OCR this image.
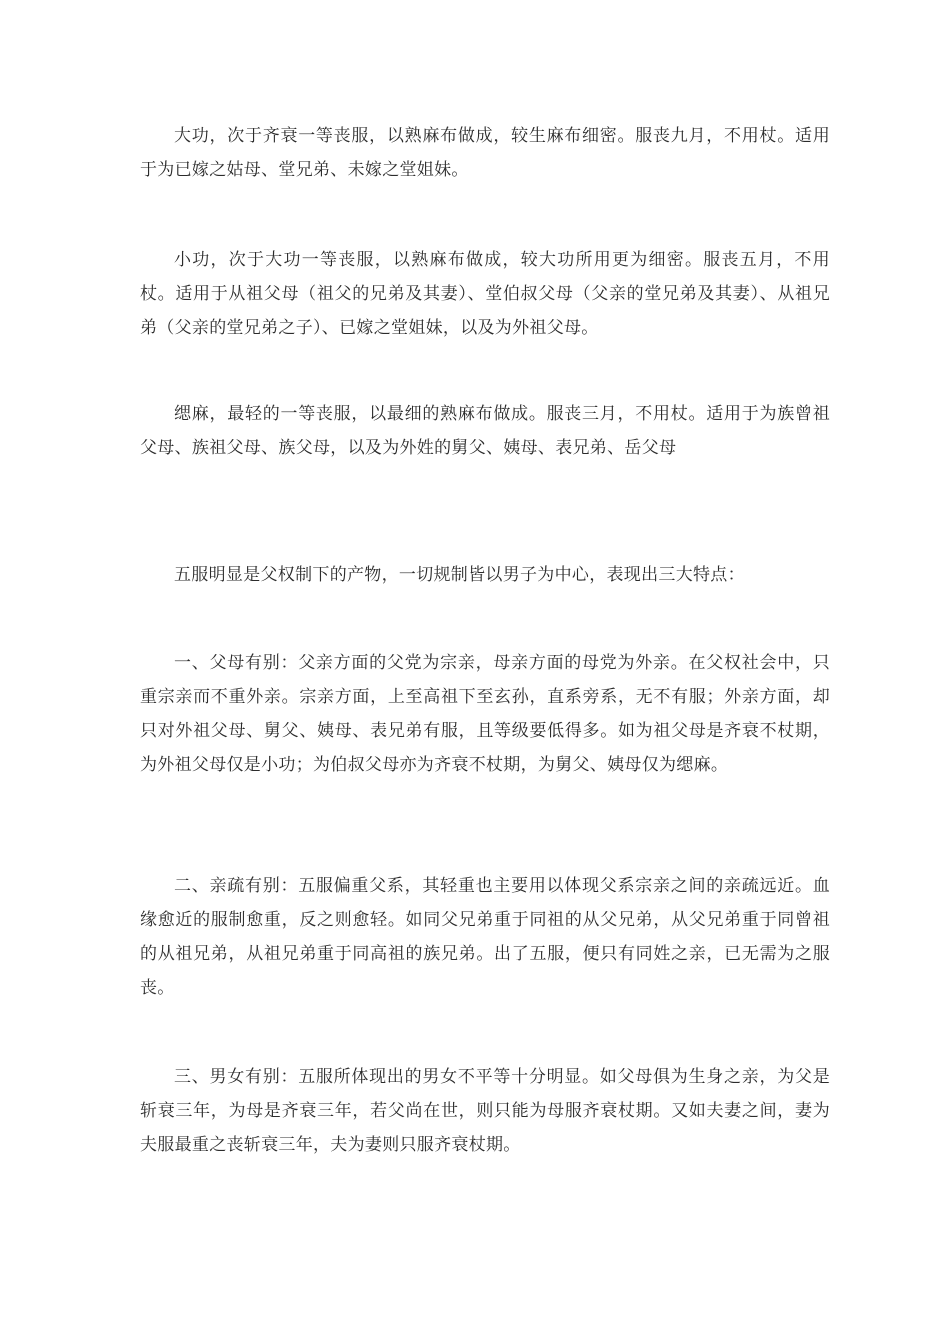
大功，次于齐衰一等丧服，以熟麻布做成，较生麻布细密。服丧九月，不用杖。适用于为已嫁之姑母、堂兄弟、未嫁之堂姐妹。

小功，次于大功一等丧服，以熟麻布做成，较大功所用更为细密。服丧五月，不用杖。适用于从祖父母（祖父的兄弟及其妻）、堂伯叔父母（父亲的堂兄弟及其妻）、从祖兄弟（父亲的堂兄弟之子）、已嫁之堂姐妹，以及为外祖父母。

缌麻，最轻的一等丧服，以最细的熟麻布做成。服丧三月，不用杖。适用于为族曾祖父母、族祖父母、族父母，以及为外姓的舅父、姨母、表兄弟、岳父母

五服明显是父权制下的产物，一切规制皆以男子为中心，表现出三大特点：

一、父母有别：父亲方面的父党为宗亲，母亲方面的母党为外亲。在父权社会中，只重宗亲而不重外亲。宗亲方面，上至高祖下至玄孙，直系旁系，无不有服；外亲方面，却只对外祖父母、舅父、姨母、表兄弟有服，且等级要低得多。如为祖父母是齐衰不杖期，为外祖父母仅是小功；为伯叔父母亦为齐衰不杖期，为舅父、姨母仅为缌麻。

二、亲疏有别：五服偏重父系，其轻重也主要用以体现父系宗亲之间的亲疏远近。血缘愈近的服制愈重，反之则愈轻。如同父兄弟重于同祖的从父兄弟，从父兄弟重于同曾祖的从祖兄弟，从祖兄弟重于同高祖的族兄弟。出了五服，便只有同姓之亲，已无需为之服丧。

三、男女有别：五服所体现出的男女不平等十分明显。如父母俱为生身之亲，为父是斩衰三年，为母是齐衰三年，若父尚在世，则只能为母服齐衰杖期。又如夫妻之间，妻为夫服最重之丧斩衰三年，夫为妻则只服齐衰杖期。
